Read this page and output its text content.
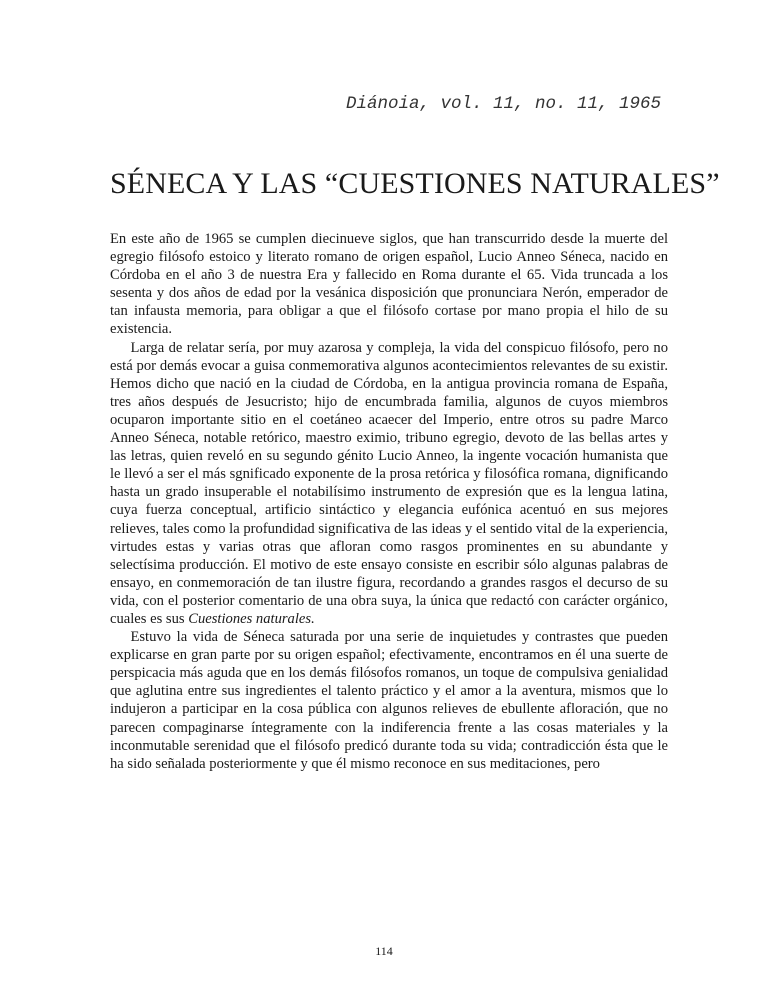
Diánoia, vol. 11, no. 11, 1965
SÉNECA Y LAS “CUESTIONES NATURALES”

En este año de 1965 se cumplen diecinueve siglos, que han transcurrido desde la muerte del egregio filósofo estoico y literato romano de origen español, Lucio Anneo Séneca, nacido en Córdoba en el año 3 de nuestra Era y fallecido en Roma durante el 65. Vida truncada a los sesenta y dos años de edad por la vesánica disposición que pronunciara Nerón, emperador de tan infausta memoria, para obligar a que el filósofo cortase por mano propia el hilo de su existencia.

Larga de relatar sería, por muy azarosa y compleja, la vida del conspicuo filósofo, pero no está por demás evocar a guisa conmemorativa algunos acontecimientos relevantes de su existir. Hemos dicho que nació en la ciudad de Córdoba, en la antigua provincia romana de España, tres años después de Jesucristo; hijo de encumbrada familia, algunos de cuyos miembros ocuparon importante sitio en el coetáneo acaecer del Imperio, entre otros su padre Marco Anneo Séneca, notable retórico, maestro eximio, tribuno egregio, devoto de las bellas artes y las letras, quien reveló en su segundo génito Lucio Anneo, la ingente vocación humanista que le llevó a ser el más sgnificado exponente de la prosa retórica y filosófica romana, dignificando hasta un grado insuperable el notabilísimo instrumento de expresión que es la lengua latina, cuya fuerza conceptual, artificio sintáctico y elegancia eufónica acentuó en sus mejores relieves, tales como la profundidad significativa de las ideas y el sentido vital de la experiencia, virtudes estas y varias otras que afloran como rasgos prominentes en su abundante y selectísima producción. El motivo de este ensayo consiste en escribir sólo algunas palabras de ensayo, en conmemoración de tan ilustre figura, recordando a grandes rasgos el decurso de su vida, con el posterior comentario de una obra suya, la única que redactó con carácter orgánico, cuales es sus Cuestiones naturales.

Estuvo la vida de Séneca saturada por una serie de inquietudes y contrastes que pueden explicarse en gran parte por su origen español; efectivamente, encontramos en él una suerte de perspicacia más aguda que en los demás filósofos romanos, un toque de compulsiva genialidad que aglutina entre sus ingredientes el talento práctico y el amor a la aventura, mismos que lo indujeron a participar en la cosa pública con algunos relieves de ebullente afloración, que no parecen compaginarse íntegramente con la indiferencia frente a las cosas materiales y la inconmutable serenidad que el filósofo predicó durante toda su vida; contradicción ésta que le ha sido señalada posteriormente y que él mismo reconoce en sus meditaciones, pero

114
